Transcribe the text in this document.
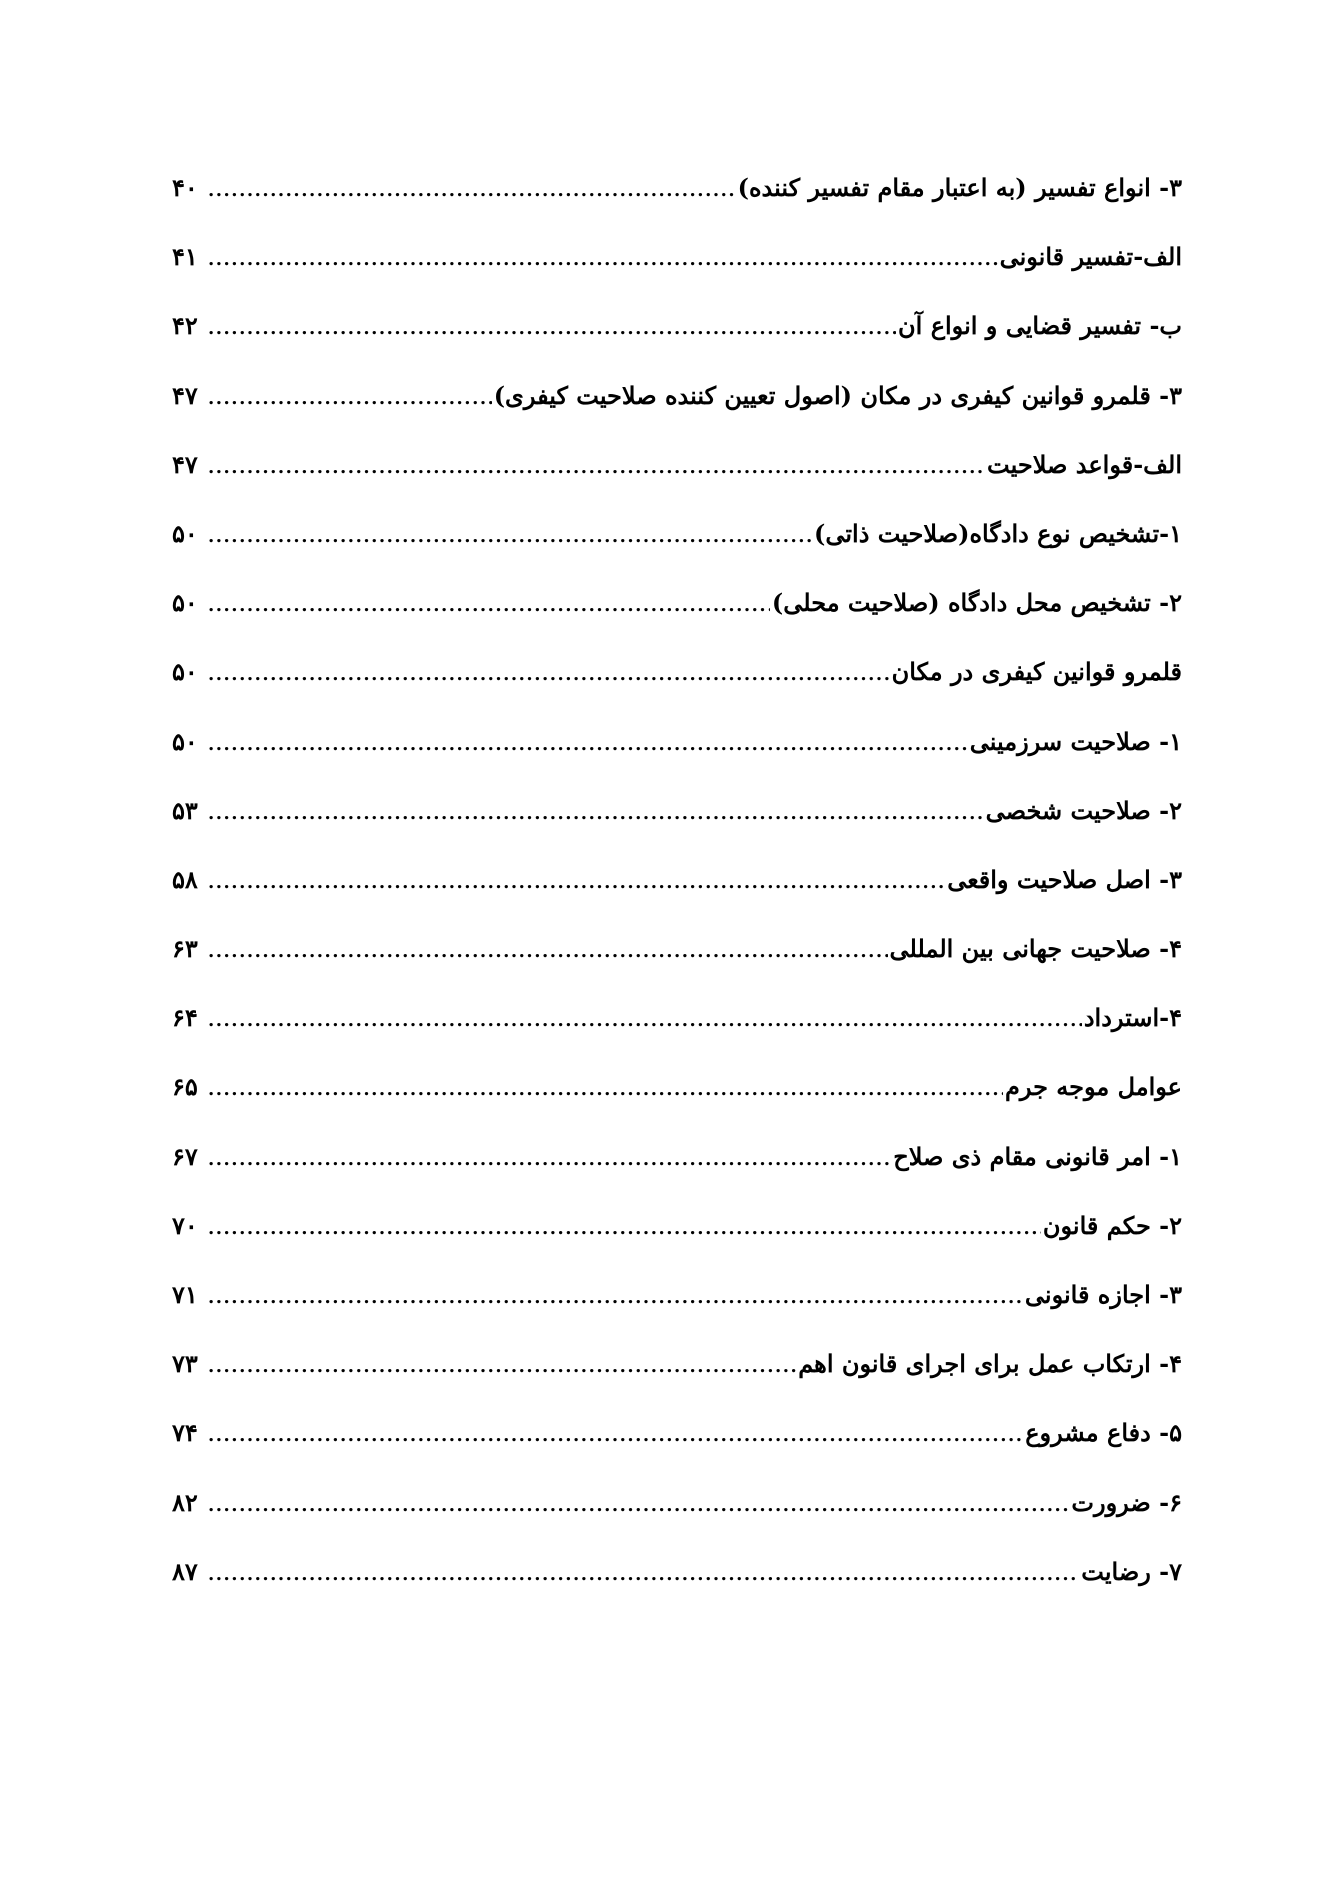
۳- انواع تفسیر (به اعتبار مقام تفسیر کننده)
.....
۴۰
الف-تفسیر قانونی
.....
۴۱
ب- تفسیر قضایی و انواع آن
.....
۴۲
۳- قلمرو قوانین کیفری در مکان (اصول تعیین کننده صلاحیت کیفری)
.....
۴۷
الف-قواعد صلاحیت
.....
۴۷
۱-تشخیص نوع دادگاه(صلاحیت ذاتی)
.....
۵۰
۲- تشخیص محل دادگاه (صلاحیت محلی)
.....
۵۰
قلمرو قوانین کیفری در مکان
.....
۵۰
۱- صلاحیت سرزمینی
.....
۵۰
۲- صلاحیت شخصی
.....
۵۳
۳- اصل صلاحیت واقعی
.....
۵۸
۴- صلاحیت جهانی بین المللی
.....
۶۳
۴-استرداد
.....
۶۴
عوامل موجه جرم
.....
۶۵
۱- امر قانونی مقام ذی صلاح
.....
۶۷
۲- حکم قانون
.....
۷۰
۳- اجازه قانونی
.....
۷۱
۴- ارتکاب عمل برای اجرای قانون اهم
.....
۷۳
۵- دفاع مشروع
.....
۷۴
۶- ضرورت
.....
۸۲
۷- رضایت
.....
۸۷
